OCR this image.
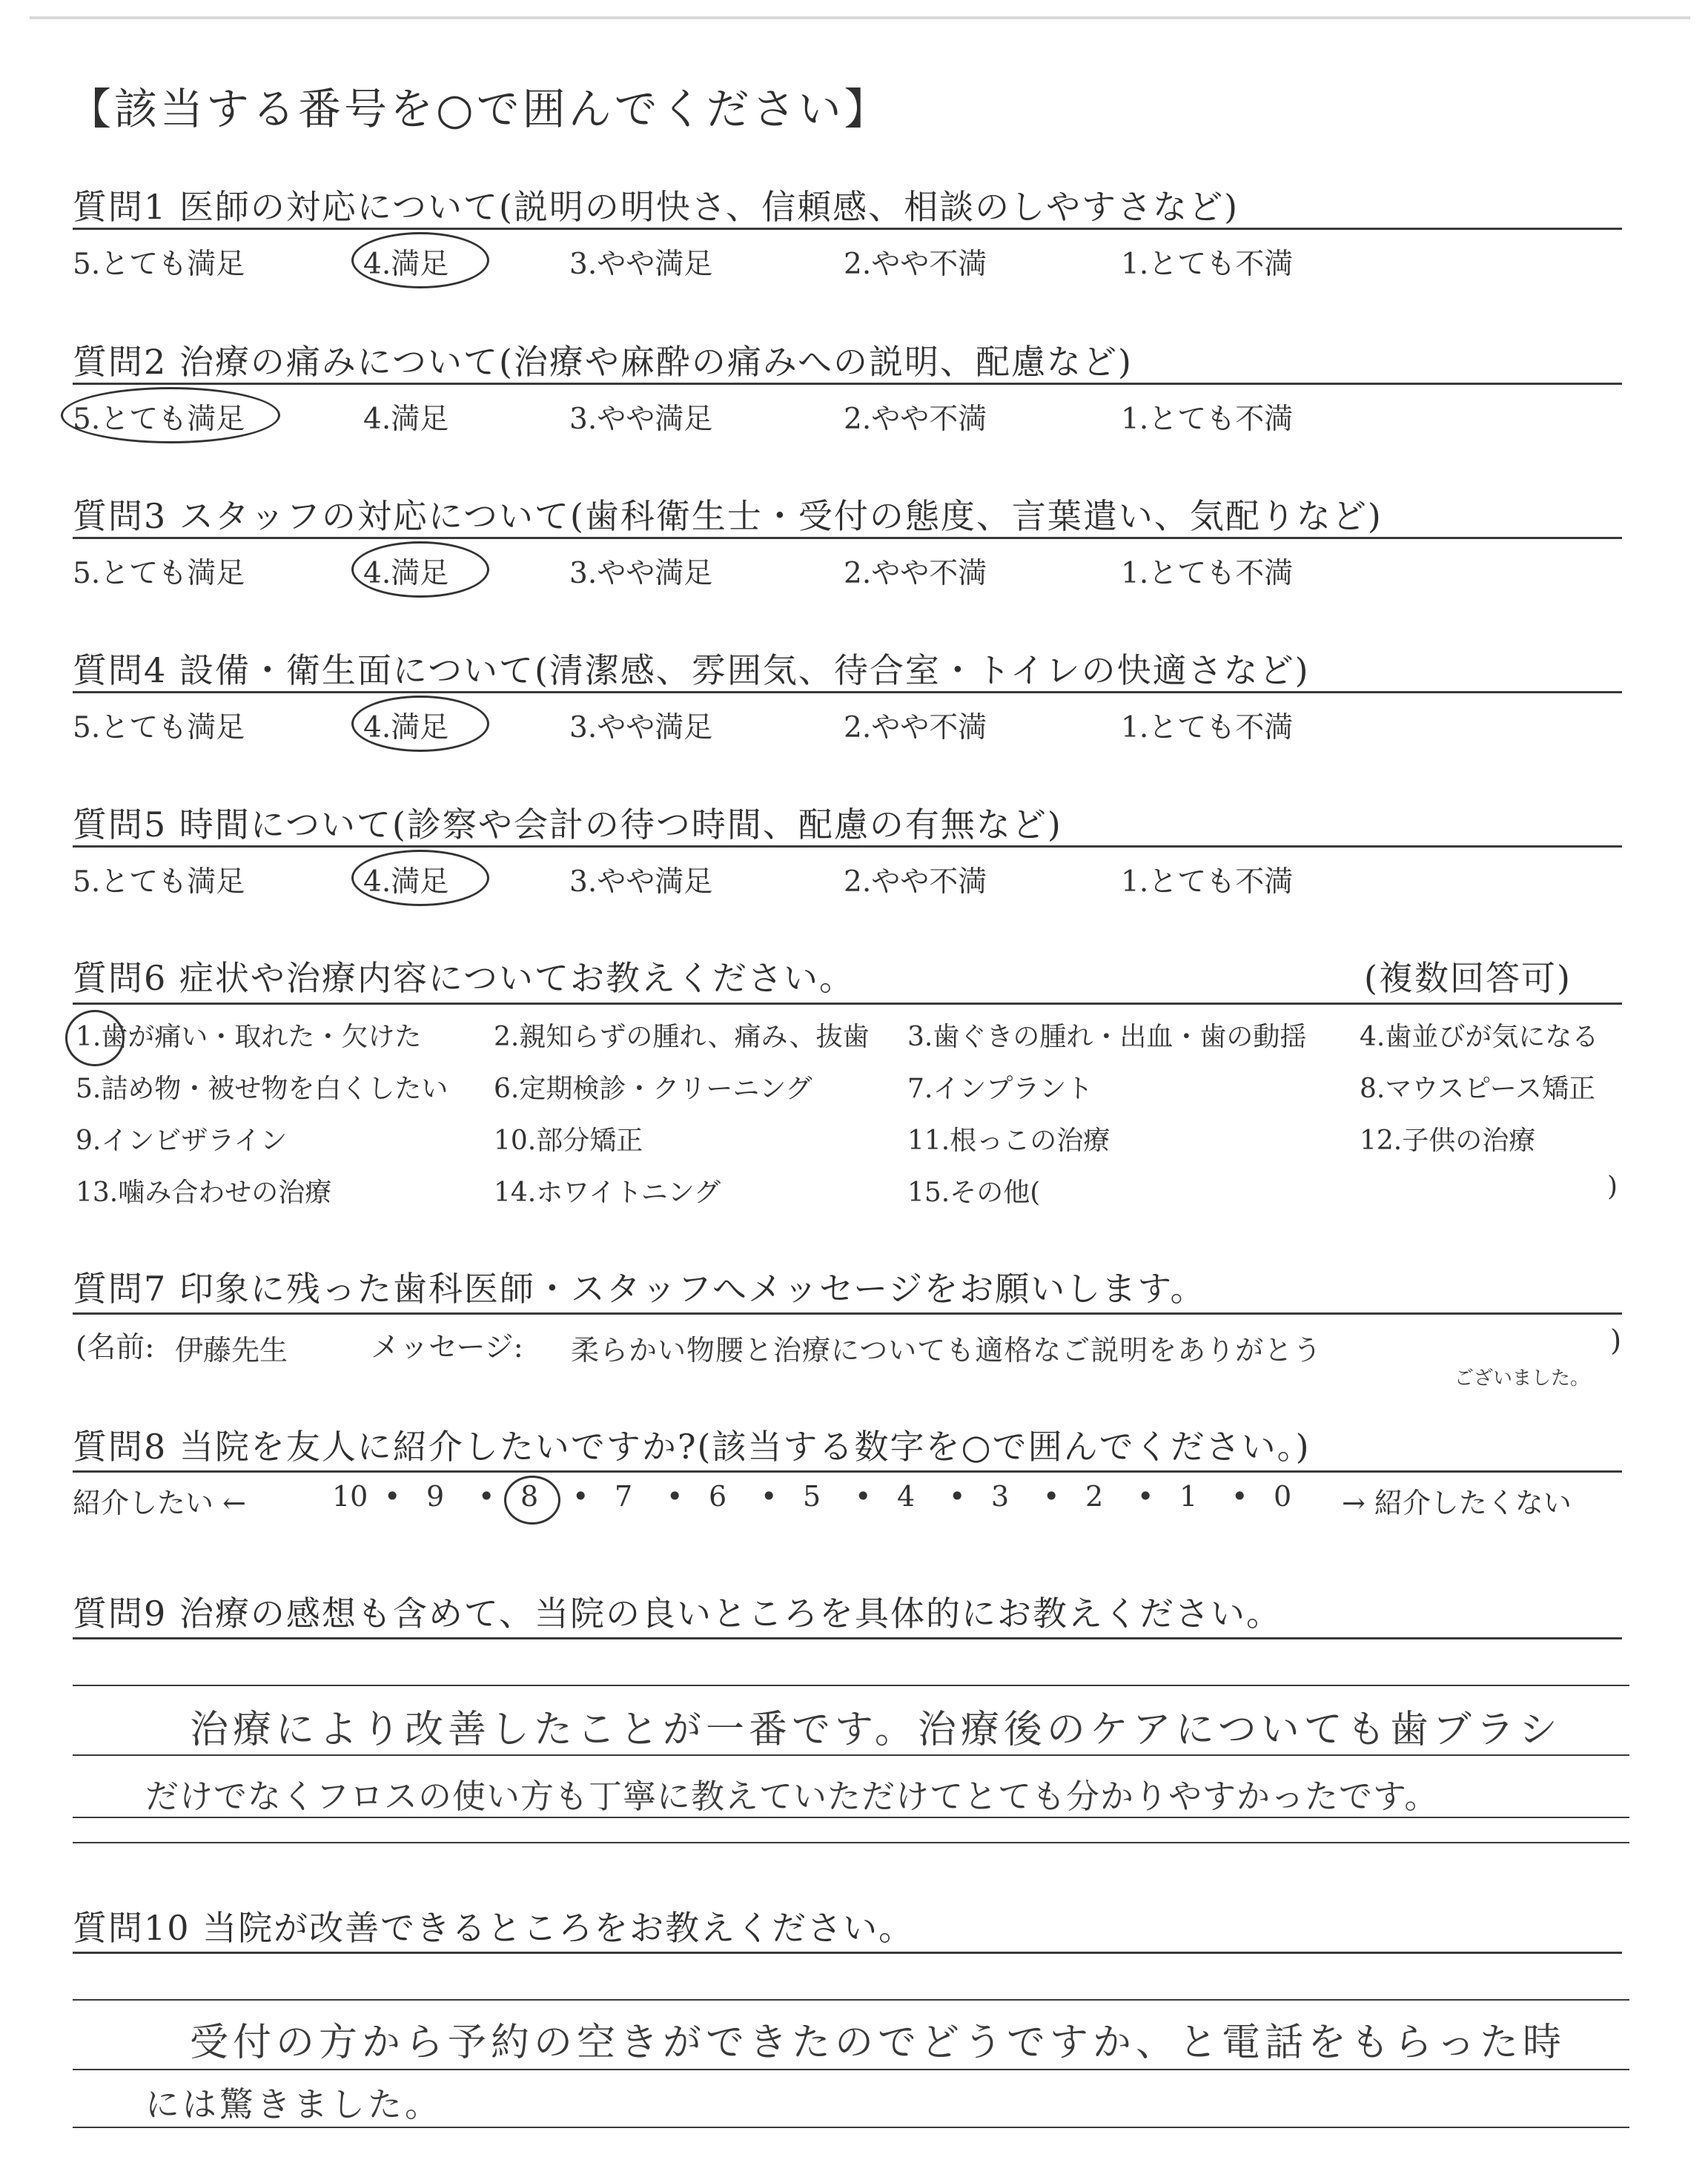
【該当する番号を○で囲んでください】
質問1 医師の対応について(説明の明快さ、信頼感、相談のしやすさなど)
5.とても満足	4.満足	3.やや満足	2.やや不満	1.とても不満
質問2 治療の痛みについて(治療や麻酔の痛みへの説明、配慮など)
5.とても満足	4.満足	3.やや満足	2.やや不満	1.とても不満
質問3 スタッフの対応について(歯科衛生士・受付の態度、言葉遣い、気配りなど)
5.とても満足	4.満足	3.やや満足	2.やや不満	1.とても不満
質問4 設備・衛生面について(清潔感、雰囲気、待合室・トイレの快適さなど)
5.とても満足	4.満足	3.やや満足	2.やや不満	1.とても不満
質問5 時間について(診察や会計の待つ時間、配慮の有無など)
5.とても満足	4.満足	3.やや満足	2.やや不満	1.とても不満
質問6 症状や治療内容についてお教えください。	(複数回答可)
1.歯が痛い・取れた・欠けた	2.親知らずの腫れ、痛み、抜歯 3.歯ぐきの腫れ・出血・歯の動揺 4.歯並びが気になる
5.詰め物・被せ物を白くしたい 6.定期検診・クリーニング	7.インプラント	8.マウスピース矯正
9.インビザライン	10.部分矯正	11.根っこの治療	12.子供の治療
13.噛み合わせの治療	14.ホワイトニング	15.その他(	)
質問7 印象に残った歯科医師・スタッフへメッセージをお願いします。
(名前: 伊藤先生	メッセージ: 柔らかい物腰と治療についても適格なご説明をありがとう	)
ございました。
質問8 当院を友人に紹介したいですか?(該当する数字を○で囲んでください。)
紹介したい ←	10 • 9 • 8 • 7 • 6 • 5 • 4 • 3 • 2 • 1 • 0 → 紹介したくない
質問9 治療の感想も含めて、当院の良いところを具体的にお教えください。
治療により改善したことが一番です。治療後のケアについても歯ブラシ
だけでなくフロスの使い方も丁寧に教えていただけてとても分かりやすかったです。
質問10 当院が改善できるところをお教えください。
受付の方から予約の空きができたのでどうですか、と電話をもらった時
には驚きました。
